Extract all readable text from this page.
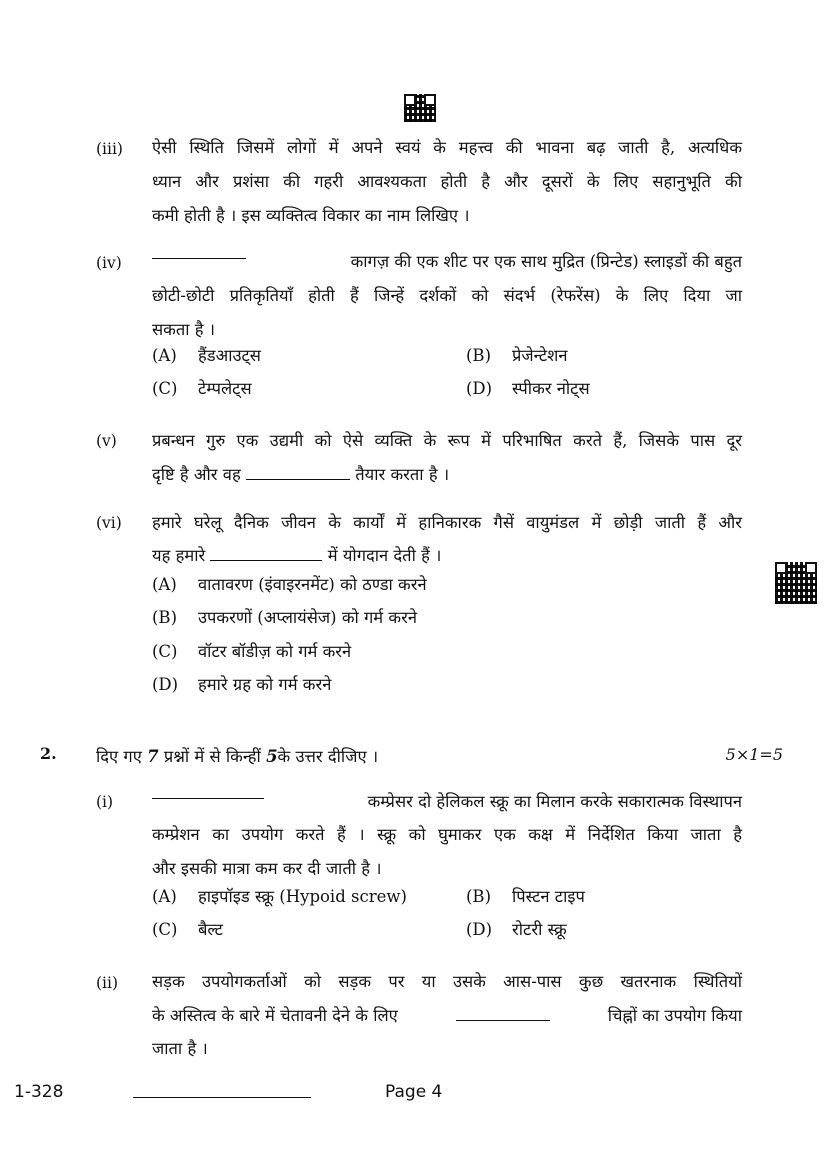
(iii) ऐसी स्थिति जिसमें लोगों में अपने स्वयं के महत्त्व की भावना बढ़ जाती है, अत्यधिक
ध्यान और प्रशंसा की गहरी आवश्यकता होती है और दूसरों के लिए सहानुभूति की
कमी होती है । इस व्यक्तित्व विकार का नाम लिखिए ।
(iv)	कागज़ की एक शीट पर एक साथ मुद्रित (प्रिन्टेड) स्लाइडों की बहुत
छोटी-छोटी प्रतिकृतियाँ होती हैं जिन्हें दर्शकों को संदर्भ (रेफरेंस) के लिए दिया जा
सकता है ।
(A) हैंडआउट्स	(B) प्रेजेन्टेशन
(C) टेम्पलेट्स	(D) स्पीकर नोट्स
(v) प्रबन्धन गुरु एक उद्यमी को ऐसे व्यक्ति के रूप में परिभाषित करते हैं, जिसके पास दूर
दृष्टि है और वह	तैयार करता है ।
(vi) हमारे घरेलू दैनिक जीवन के कार्यों में हानिकारक गैसें वायुमंडल में छोड़ी जाती हैं और
यह हमारे	में योगदान देती हैं ।
(A) वातावरण (इंवाइरनमेंट) को ठण्डा करने
(B) उपकरणों (अप्लायंसेज) को गर्म करने
(C) वॉटर बॉडीज़ को गर्म करने
(D) हमारे ग्रह को गर्म करने
2. दिए गए 7 प्रश्नों में से किन्हीं 5के उत्तर दीजिए ।	5×1=5
(i)	कम्प्रेसर दो हेलिकल स्क्रू का मिलान करके सकारात्मक विस्थापन
कम्प्रेशन का उपयोग करते हैं । स्क्रू को घुमाकर एक कक्ष में निर्देशित किया जाता है
और इसकी मात्रा कम कर दी जाती है ।
(A) हाइपॉइड स्क्रू (Hypoid screw)	(B) पिस्टन टाइप
(C) बैल्ट	(D) रोटरी स्क्रू
(ii) सड़क उपयोगकर्ताओं को सड़क पर या उसके आस-पास कुछ खतरनाक स्थितियों
के अस्तित्व के बारे में चेतावनी देने के लिए	चिह्नों का उपयोग किया
जाता है ।
1-328	Page 4
